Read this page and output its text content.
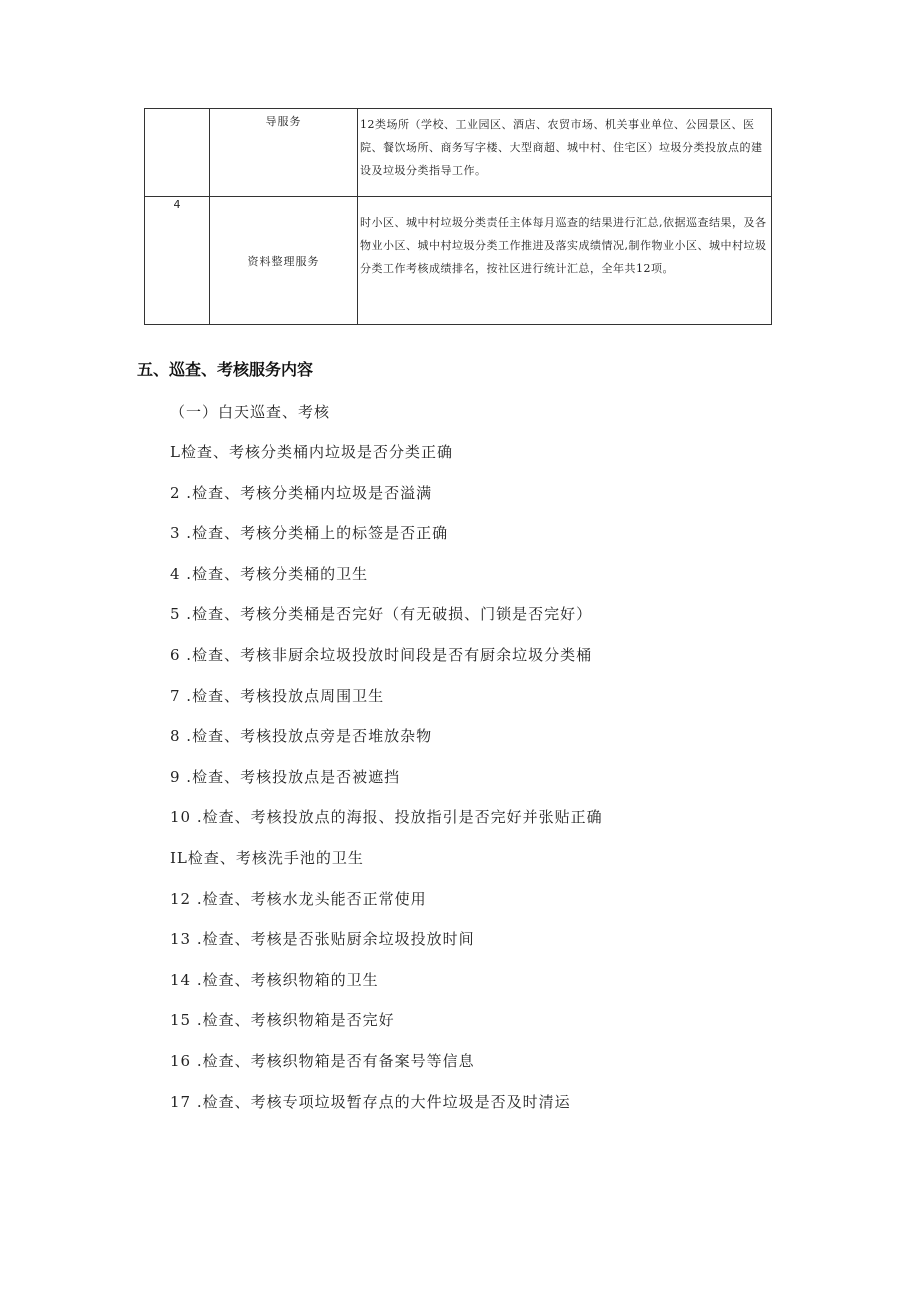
	导服务	12类场所（学校、工业园区、酒店、农贸市场、机关事业单位、公园景区、医院、餐饮场所、商务写字楼、大型商超、城中村、住宅区）垃圾分类投放点的建设及垃圾分类指导工作。
4	资料整理服务	时小区、城中村垃圾分类责任主体每月巡查的结果进行汇总,依据巡查结果，及各物业小区、城中村垃圾分类工作推进及落实成绩情况,制作物业小区、城中村垃圾分类工作考核成绩排名，按社区进行统计汇总，全年共12项。
五、巡查、考核服务内容
（一）白天巡查、考核
L检查、考核分类桶内垃圾是否分类正确
2 .检查、考核分类桶内垃圾是否溢满
3 .检查、考核分类桶上的标签是否正确
4 .检查、考核分类桶的卫生
5 .检查、考核分类桶是否完好（有无破损、门锁是否完好）
6 .检查、考核非厨余垃圾投放时间段是否有厨余垃圾分类桶
7 .检查、考核投放点周围卫生
8 .检查、考核投放点旁是否堆放杂物
9 .检查、考核投放点是否被遮挡
10 .检查、考核投放点的海报、投放指引是否完好并张贴正确
IL检查、考核洗手池的卫生
12 .检查、考核水龙头能否正常使用
13 .检查、考核是否张贴厨余垃圾投放时间
14 .检查、考核织物箱的卫生
15 .检查、考核织物箱是否完好
16 .检查、考核织物箱是否有备案号等信息
17 .检查、考核专项垃圾暂存点的大件垃圾是否及时清运
